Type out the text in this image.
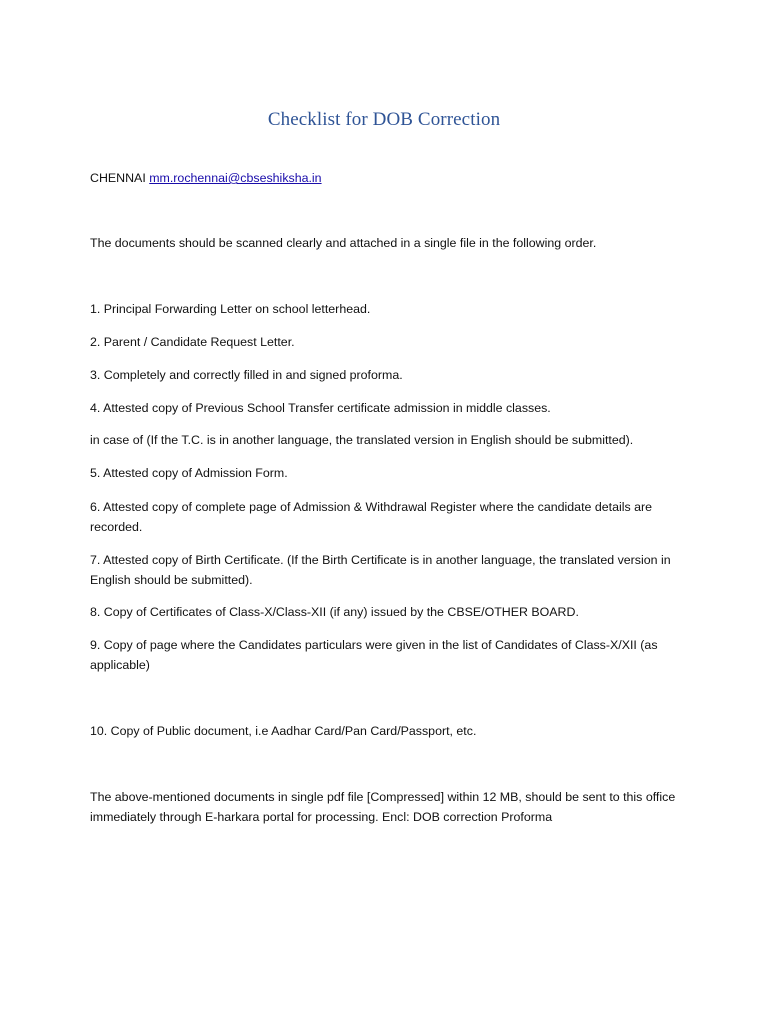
Checklist for DOB Correction
CHENNAI mm.rochennai@cbseshiksha.in
The documents should be scanned clearly and attached in a single file in the following order.
1. Principal Forwarding Letter on school letterhead.
2. Parent / Candidate Request Letter.
3. Completely and correctly filled in and signed proforma.
4. Attested copy of Previous School Transfer certificate admission in middle classes.
in case of (If the T.C. is in another language, the translated version in English should be submitted).
5. Attested copy of Admission Form.
6. Attested copy of complete page of Admission & Withdrawal Register where the candidate details are recorded.
7. Attested copy of Birth Certificate. (If the Birth Certificate is in another language, the translated version in English should be submitted).
8. Copy of Certificates of Class-X/Class-XII (if any) issued by the CBSE/OTHER BOARD.
9. Copy of page where the Candidates particulars were given in the list of Candidates of Class-X/XII (as applicable)
10. Copy of Public document, i.e Aadhar Card/Pan Card/Passport, etc.
The above-mentioned documents in single pdf file [Compressed] within 12 MB, should be sent to this office immediately through E-harkara portal for processing. Encl: DOB correction Proforma
